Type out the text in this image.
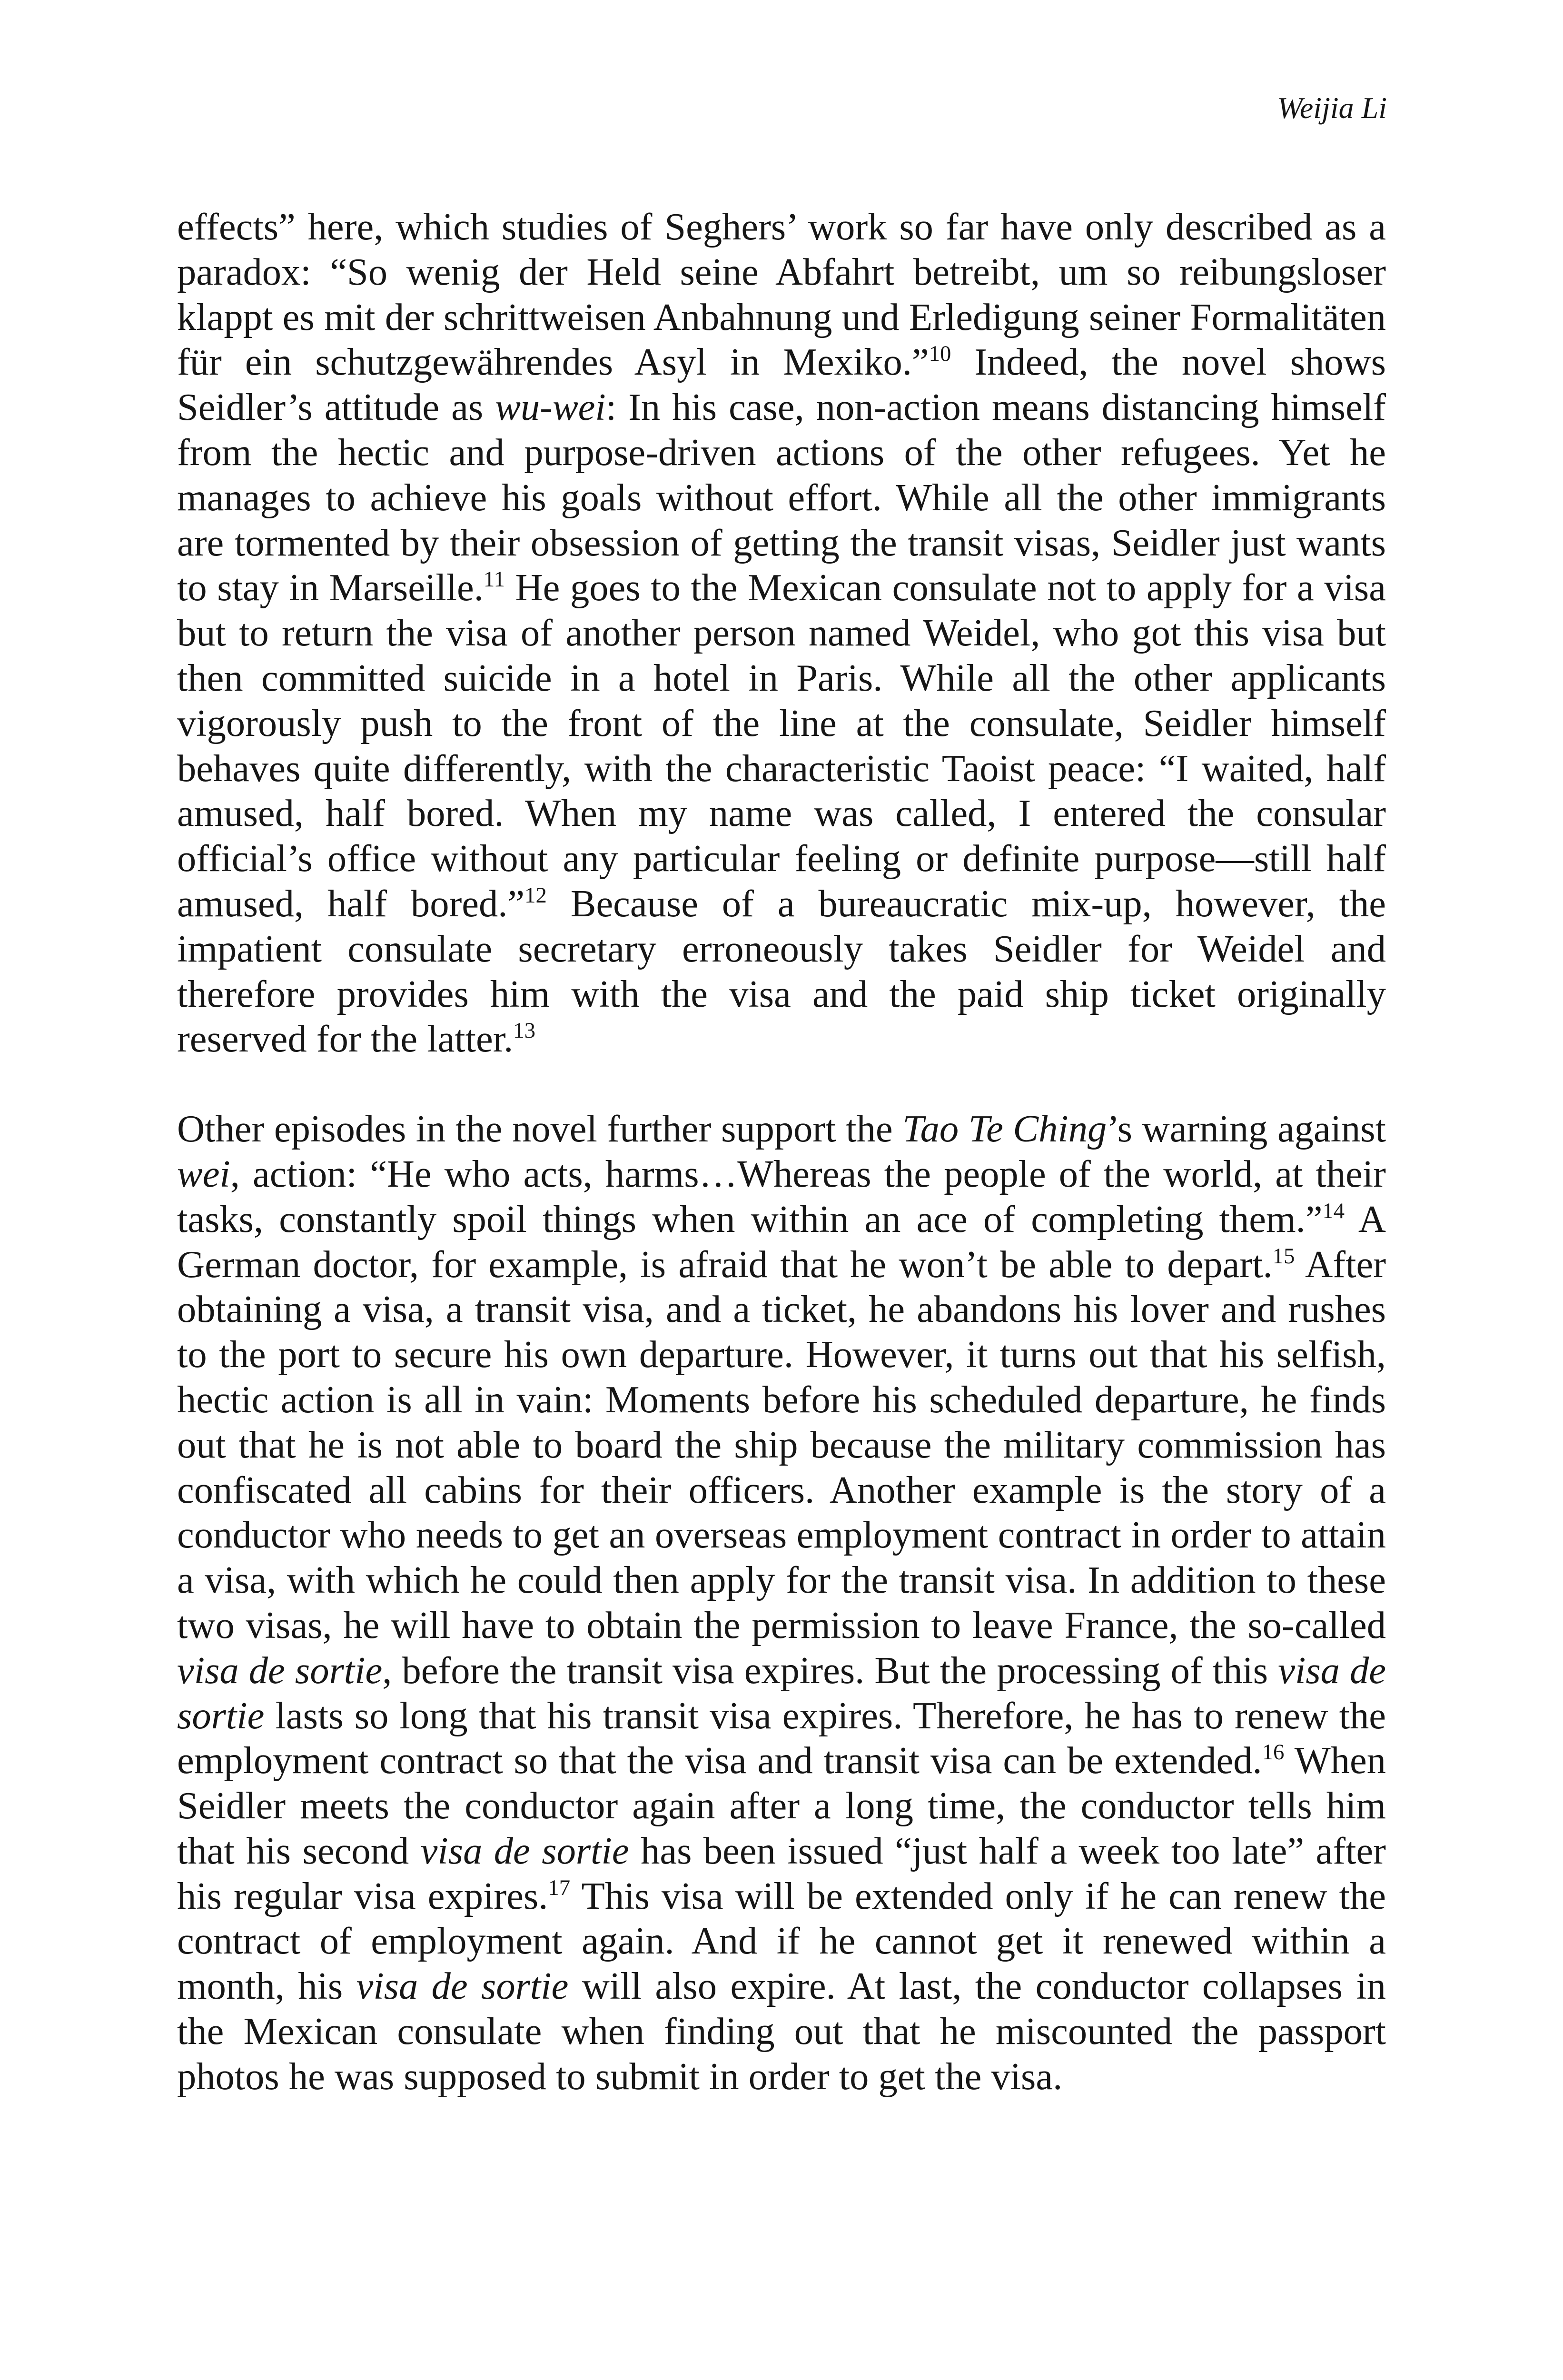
Weijia Li

effects” here, which studies of Seghers’ work so far have only described as a paradox: “So wenig der Held seine Abfahrt betreibt, um so reibungsloser klappt es mit der schrittweisen Anbahnung und Erledigung seiner Formalitäten für ein schutzgewährendes Asyl in Mexiko.”$^{10}$ Indeed, the novel shows Seidler’s attitude as wu-wei: In his case, non-action means distancing himself from the hectic and purpose-driven actions of the other refugees. Yet he manages to achieve his goals without effort. While all the other immigrants are tormented by their obsession of getting the transit visas, Seidler just wants to stay in Marseille.$^{11}$ He goes to the Mexican consulate not to apply for a visa but to return the visa of another person named Weidel, who got this visa but then committed suicide in a hotel in Paris. While all the other applicants vigorously push to the front of the line at the consulate, Seidler himself behaves quite differently, with the characteristic Taoist peace: “I waited, half amused, half bored. When my name was called, I entered the consular official’s office without any particular feeling or definite purpose—still half amused, half bored.”$^{12}$ Because of a bureaucratic mix-up, however, the impatient consulate secretary erroneously takes Seidler for Weidel and therefore provides him with the visa and the paid ship ticket originally reserved for the latter.$^{13}$

Other episodes in the novel further support the Tao Te Ching’s warning against wei, action: “He who acts, harms…Whereas the people of the world, at their tasks, constantly spoil things when within an ace of completing them.”$^{14}$ A German doctor, for example, is afraid that he won’t be able to depart.$^{15}$ After obtaining a visa, a transit visa, and a ticket, he abandons his lover and rushes to the port to secure his own departure. However, it turns out that his selfish, hectic action is all in vain: Moments before his scheduled departure, he finds out that he is not able to board the ship because the military commission has confiscated all cabins for their officers. Another example is the story of a conductor who needs to get an overseas employment contract in order to attain a visa, with which he could then apply for the transit visa. In addition to these two visas, he will have to obtain the permission to leave France, the so-called visa de sortie, before the transit visa expires. But the processing of this visa de sortie lasts so long that his transit visa expires. Therefore, he has to renew the employment contract so that the visa and transit visa can be extended.$^{16}$ When Seidler meets the conductor again after a long time, the conductor tells him that his second visa de sortie has been issued “just half a week too late” after his regular visa expires.$^{17}$ This visa will be extended only if he can renew the contract of employment again. And if he cannot get it renewed within a month, his visa de sortie will also expire. At last, the conductor collapses in the Mexican consulate when finding out that he miscounted the passport photos he was supposed to submit in order to get the visa.
